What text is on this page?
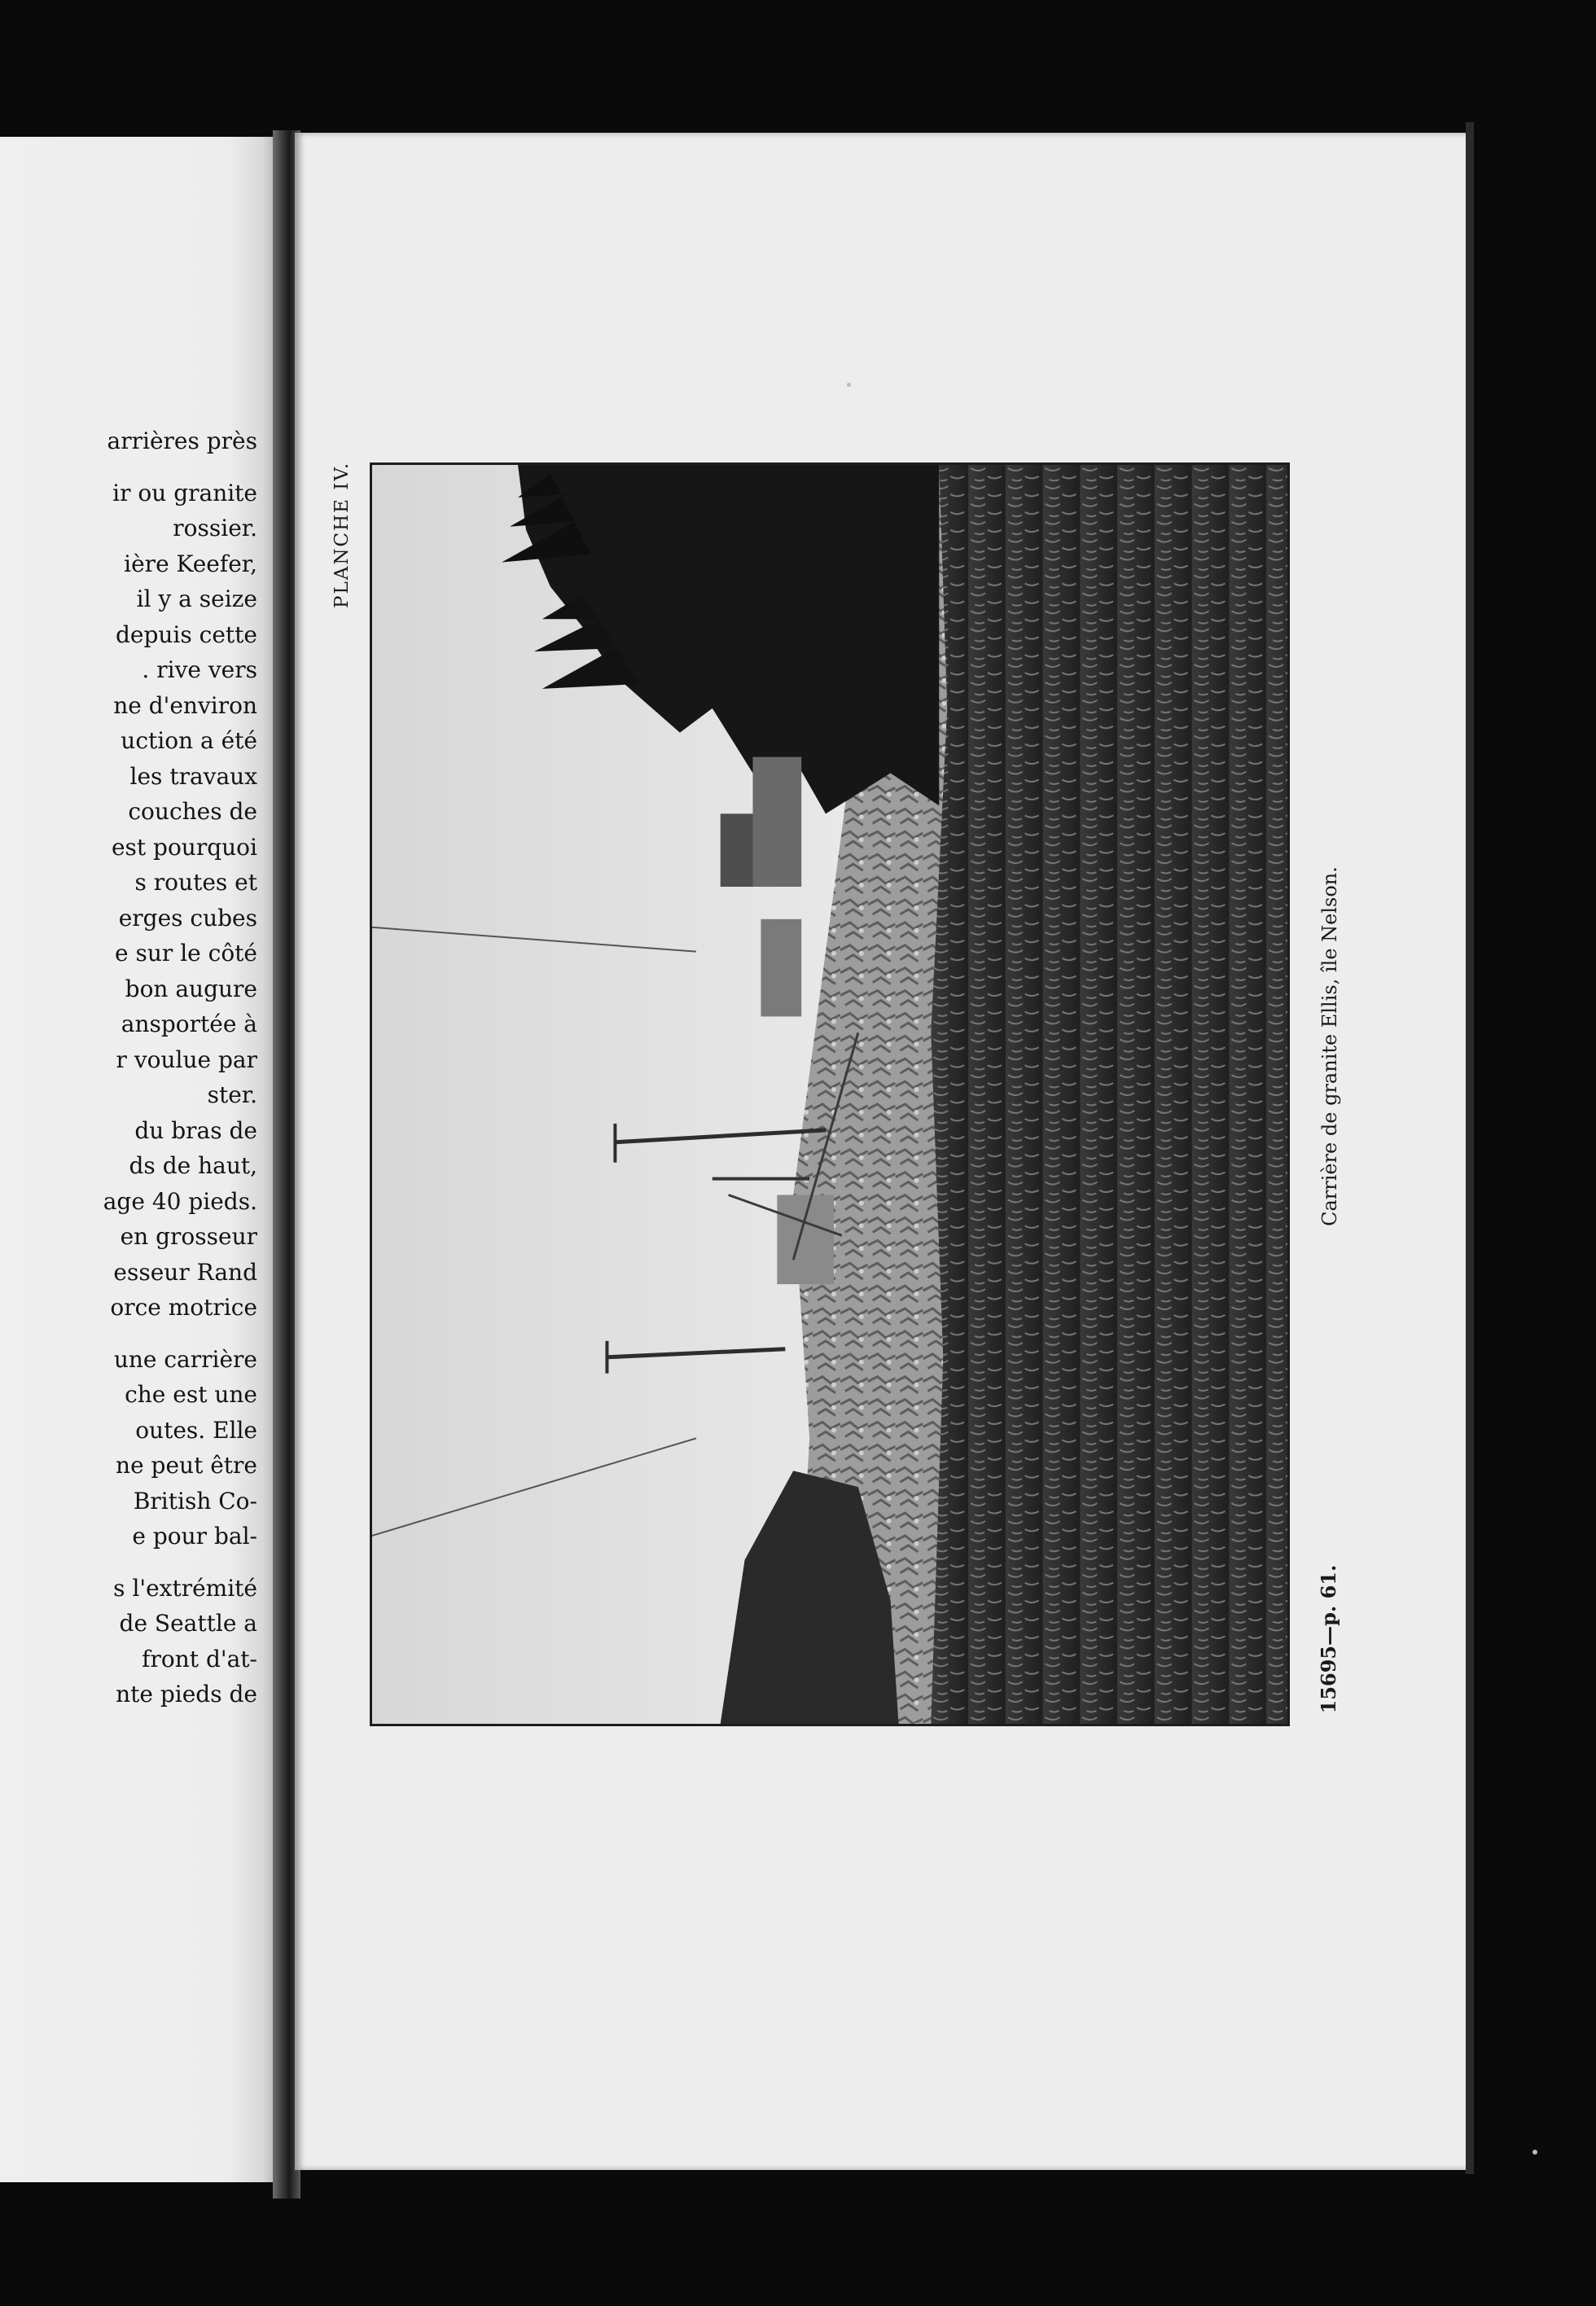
arrières près
ir ou granite
rossier.
ière Keefer,
il y a seize
depuis cette
. rive vers
ne d'environ
uction a été
les travaux
couches de
est pourquoi
s routes et
erges cubes
e sur le côté
bon augure
ansportée à
r voulue par
ster.
du bras de
ds de haut,
age 40 pieds.
en grosseur
esseur Rand
orce motrice
une carrière
che est une
outes. Elle
ne peut être
British Co-
e pour bal-
s l'extrémité
de Seattle a
front d'at-
nte pieds de
PLANCHE IV.
Carrière de granite Ellis, île Nelson.
15695—p. 61.
